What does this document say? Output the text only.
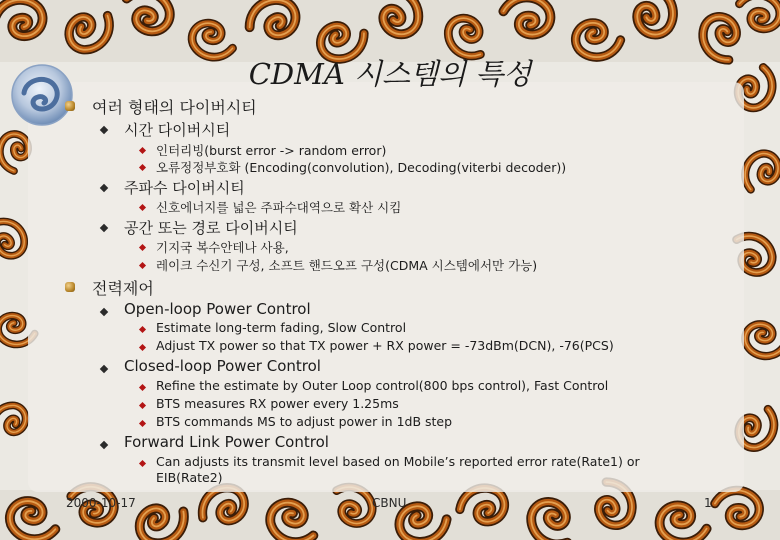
CDMA 시스템의 특성
여러 형태의 다이버시티
시간 다이버시티
인터리빙(burst error -> random error)
오류정정부호화 (Encoding(convolution), Decoding(viterbi decoder))
주파수 다이버시티
신호에너지를 넓은 주파수대역으로 확산 시킴
공간 또는 경로 다이버시티
기지국 복수안테나 사용,
레이크 수신기 구성, 소프트 핸드오프 구성(CDMA 시스템에서만 가능)
전력제어
Open-loop Power Control
Estimate long-term fading, Slow Control
Adjust TX power so that TX power + RX power = -73dBm(DCN), -76(PCS)
Closed-loop Power Control
Refine the estimate by Outer Loop control(800 bps control), Fast Control
BTS measures RX power every 1.25ms
BTS commands MS to adjust power in 1dB step
Forward Link Power Control
Can adjusts its transmit level based on Mobile’s reported error rate(Rate1) or
EIB(Rate2)
2000-10-17	CBNU	1
